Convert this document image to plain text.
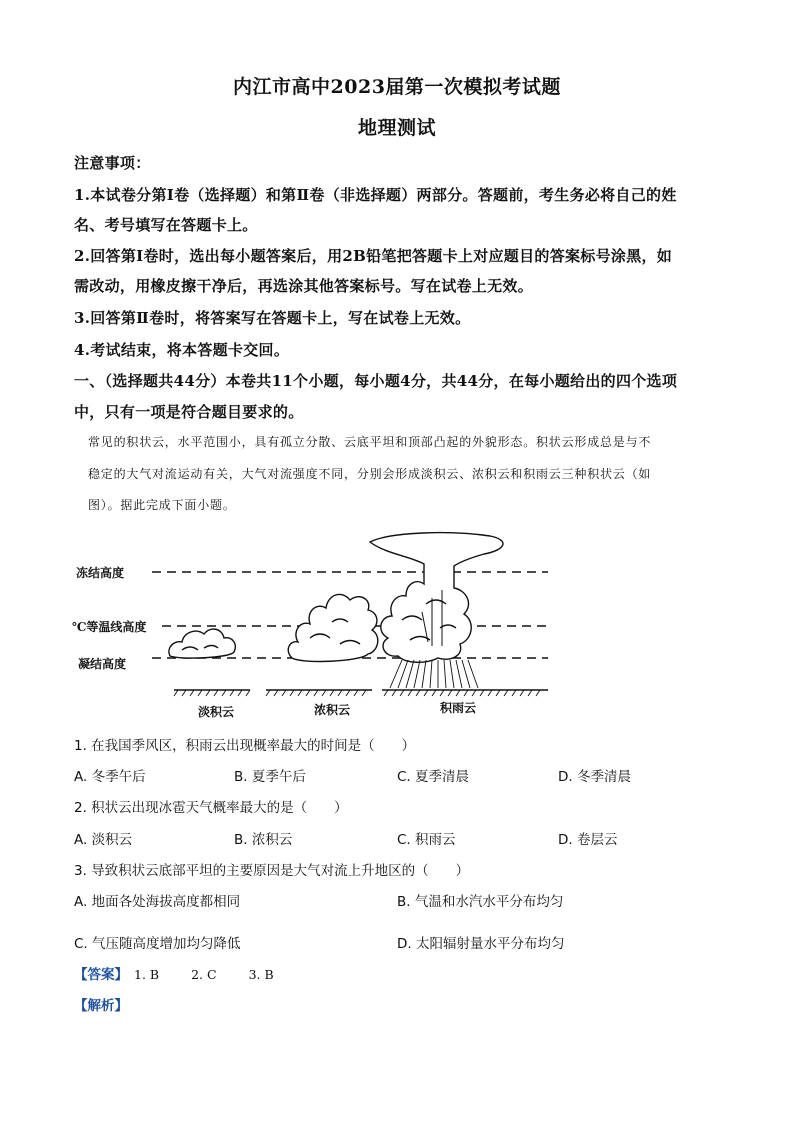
内江市高中2023届第一次模拟考试题
地理测试
注意事项：
1.本试卷分第Ⅰ卷（选择题）和第Ⅱ卷（非选择题）两部分。答题前，考生务必将自己的姓
名、考号填写在答题卡上。
2.回答第Ⅰ卷时，选出每小题答案后，用2B铅笔把答题卡上对应题目的答案标号涂黑，如
需改动，用橡皮擦干净后，再选涂其他答案标号。写在试卷上无效。
3.回答第Ⅱ卷时，将答案写在答题卡上，写在试卷上无效。
4.考试结束，将本答题卡交回。
一、（选择题共44分）本卷共11个小题，每小题4分，共44分，在每小题给出的四个选项
中，只有一项是符合题目要求的。
常见的积状云，水平范围小，具有孤立分散、云底平坦和顶部凸起的外貌形态。积状云形成总是与不
稳定的大气对流运动有关，大气对流强度不同，分别会形成淡积云、浓积云和积雨云三种积状云（如
图）。据此完成下面小题。
冻结高度
℃等温线高度
凝结高度
淡积云	浓积云	积雨云
1. 在我国季风区，积雨云出现概率最大的时间是（　　）
A. 冬季午后	B. 夏季午后	C. 夏季清晨	D. 冬季清晨
2. 积状云出现冰雹天气概率最大的是（　　）
A. 淡积云	B. 浓积云	C. 积雨云	D. 卷层云
3. 导致积状云底部平坦的主要原因是大气对流上升地区的（　　）
A. 地面各处海拔高度都相同	B. 气温和水汽水平分布均匀
C. 气压随高度增加均匀降低	D. 太阳辐射量水平分布均匀
【答案】 1. B	2. C	3. B
【解析】
